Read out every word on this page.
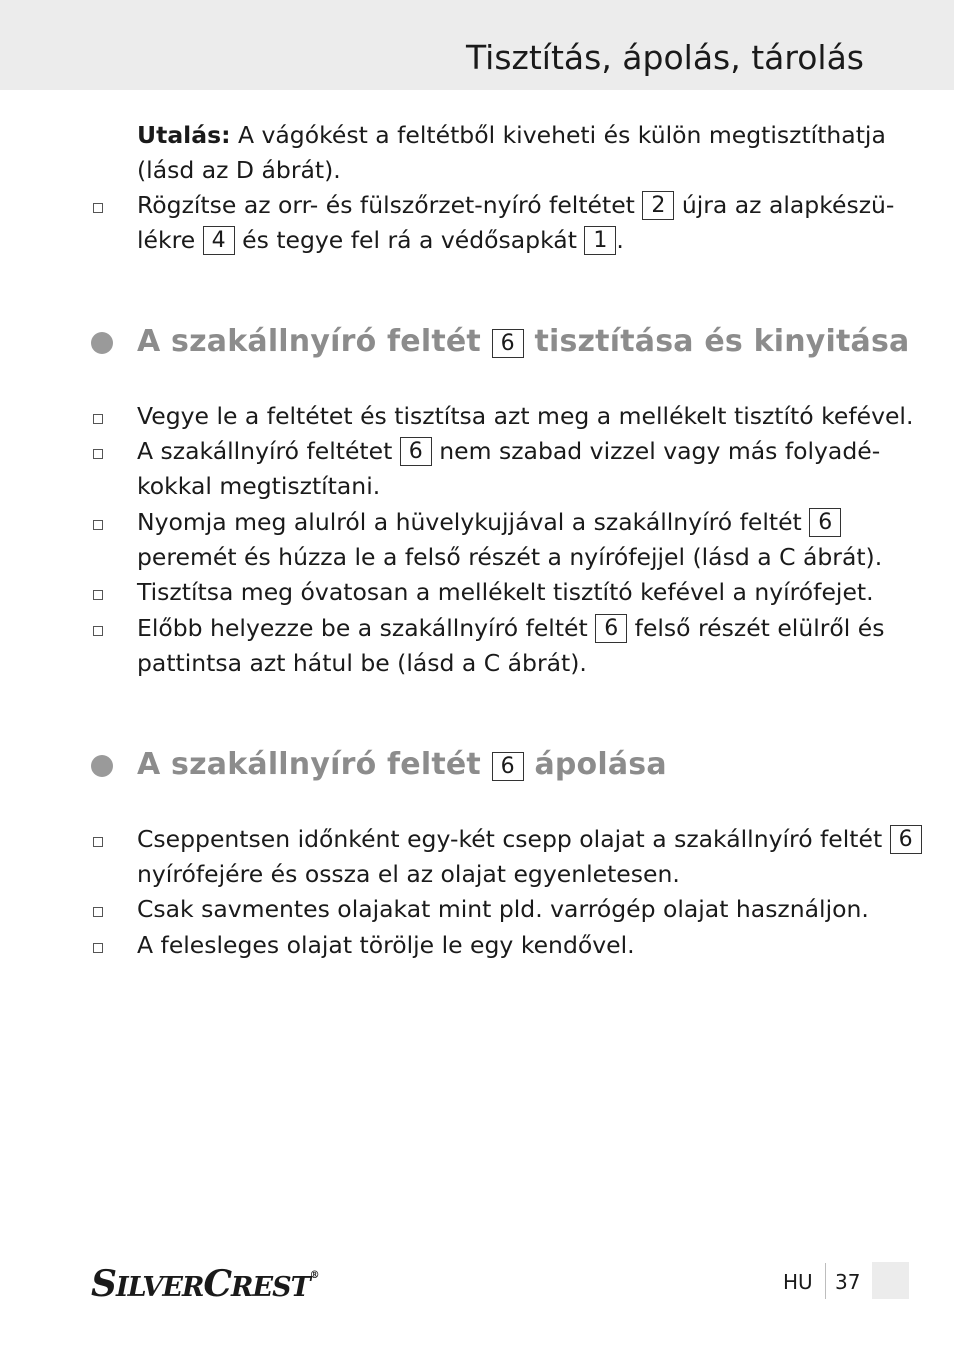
Tisztítás, ápolás, tárolás
Utalás: A vágókést a feltétből kiveheti és külön megtisztíthatja
(lásd az D ábrát).
Rögzítse az orr- és fülszőrzet-nyíró feltétet 2 újra az alapkészü-
lékre 4 és tegye fel rá a védősapkát 1 .
A szakállnyíró feltét 6 tisztítása és kinyitása
Vegye le a feltétet és tisztítsa azt meg a mellékelt tisztító kefével.
A szakállnyíró feltétet 6 nem szabad vizzel vagy más folyadé-
kokkal megtisztítani.
Nyomja meg alulról a hüvelykujjával a szakállnyíró feltét 6
peremét és húzza le a felső részét a nyírófejjel (lásd a C ábrát).
Tisztítsa meg óvatosan a mellékelt tisztító kefével a nyírófejet.
Előbb helyezze be a szakállnyíró feltét 6 felső részét elülről és
pattintsa azt hátul be (lásd a C ábrát).
A szakállnyíró feltét 6 ápolása
Cseppentsen időnként egy-két csepp olajat a szakállnyíró feltét 6
nyírófejére és ossza el az olajat egyenletesen.
Csak savmentes olajakat mint pld. varrógép olajat használjon.
A felesleges olajat törölje le egy kendővel.
SILVERCREST®	HU 37
